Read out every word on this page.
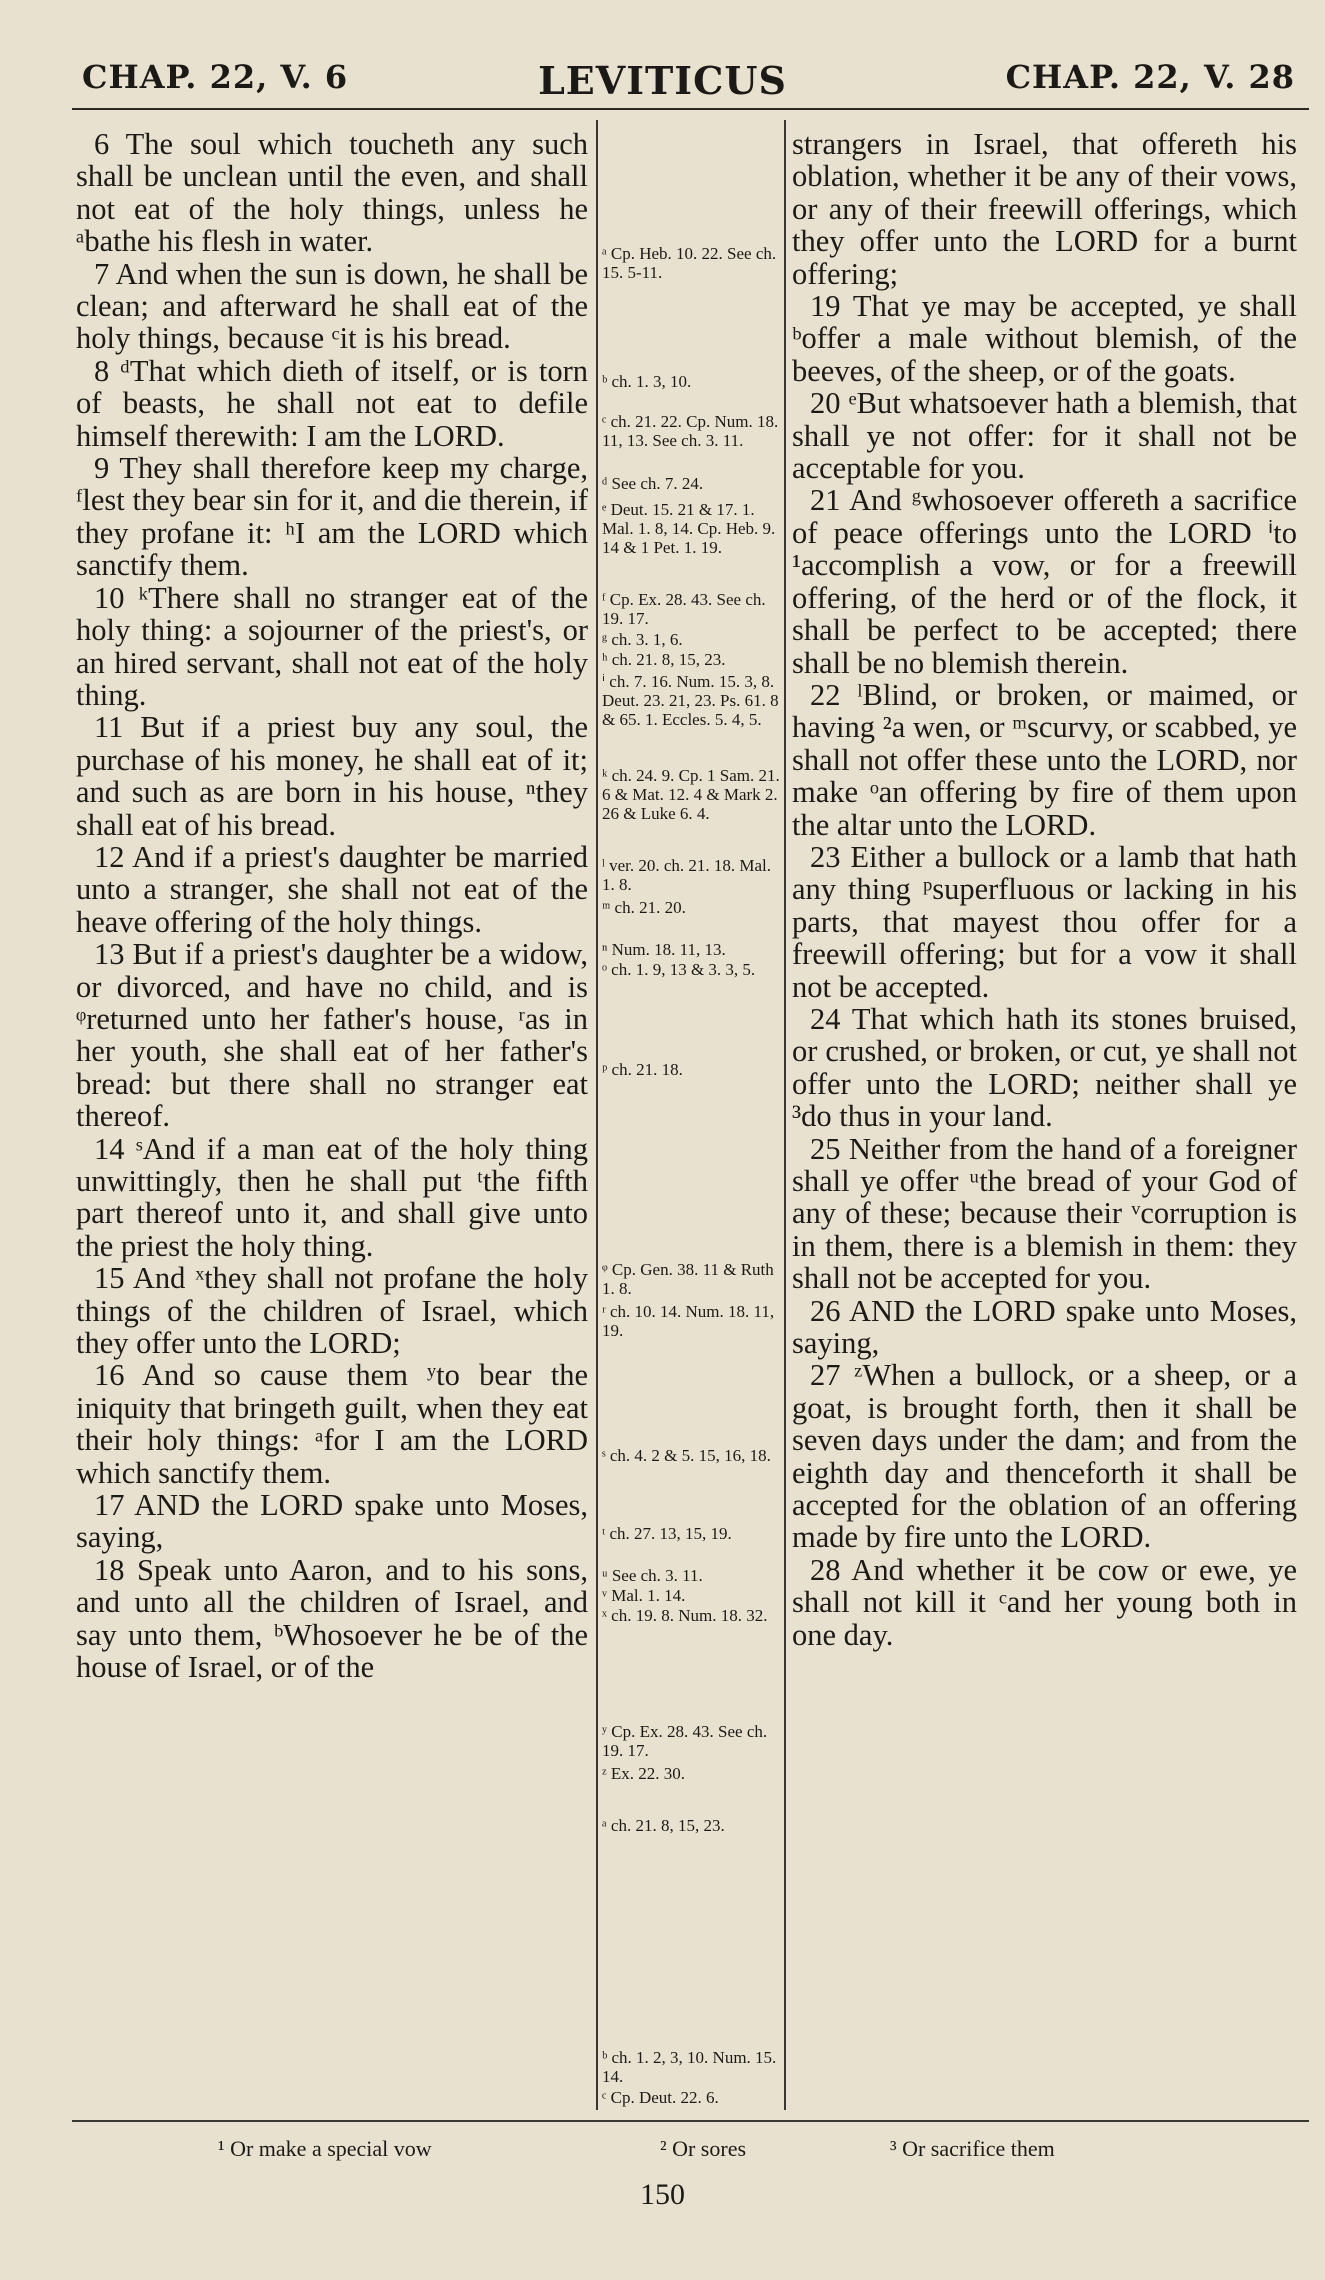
CHAP. 22, V. 6	LEVITICUS	CHAP. 22, V. 28

6 The soul which toucheth any such shall be unclean until the even, and shall not eat of the holy things, unless he ᵃbathe his flesh in water.

7 And when the sun is down, he shall be clean; and afterward he shall eat of the holy things, because ᶜit is his bread.

8 ᵈThat which dieth of itself, or is torn of beasts, he shall not eat to defile himself therewith: I am the LORD.

9 They shall therefore keep my charge, ᶠlest they bear sin for it, and die therein, if they profane it: ʰI am the LORD which sanctify them.

10 ᵏThere shall no stranger eat of the holy thing: a sojourner of the priest's, or an hired servant, shall not eat of the holy thing.

11 But if a priest buy any soul, the purchase of his money, he shall eat of it; and such as are born in his house, ⁿthey shall eat of his bread.

12 And if a priest's daughter be married unto a stranger, she shall not eat of the heave offering of the holy things.

13 But if a priest's daughter be a widow, or divorced, and have no child, and is ᵠreturned unto her father's house, ʳas in her youth, she shall eat of her father's bread: but there shall no stranger eat thereof.

14 ˢAnd if a man eat of the holy thing unwittingly, then he shall put ᵗthe fifth part thereof unto it, and shall give unto the priest the holy thing.

15 And ˣthey shall not profane the holy things of the children of Israel, which they offer unto the LORD;

16 And so cause them ʸto bear the iniquity that bringeth guilt, when they eat their holy things: ᵃfor I am the LORD which sanctify them.

17 AND the LORD spake unto Moses, saying,

18 Speak unto Aaron, and to his sons, and unto all the children of Israel, and say unto them, ᵇWhosoever he be of the house of Israel, or of the

ᵃ Cp. Heb. 10. 22. See ch. 15. 5-11.
ᵇ ch. 1. 3, 10.
ᶜ ch. 21. 22. Cp. Num. 18. 11, 13. See ch. 3. 11.
ᵈ See ch. 7. 24.
ᵉ Deut. 15. 21 & 17. 1. Mal. 1. 8, 14. Cp. Heb. 9. 14 & 1 Pet. 1. 19.
ᶠ Cp. Ex. 28. 43. See ch. 19. 17.
ᵍ ch. 3. 1, 6.
ʰ ch. 21. 8, 15, 23.
ⁱ ch. 7. 16. Num. 15. 3, 8. Deut. 23. 21, 23. Ps. 61. 8 & 65. 1. Eccles. 5. 4, 5.
ᵏ ch. 24. 9. Cp. 1 Sam. 21. 6 & Mat. 12. 4 & Mark 2. 26 & Luke 6. 4.
ˡ ver. 20. ch. 21. 18. Mal. 1. 8.
ᵐ ch. 21. 20.
ⁿ Num. 18. 11, 13.
ᵒ ch. 1. 9, 13 & 3. 3, 5.
ᵖ ch. 21. 18.
ᵠ Cp. Gen. 38. 11 & Ruth 1. 8.
ʳ ch. 10. 14. Num. 18. 11, 19.
ˢ ch. 4. 2 & 5. 15, 16, 18.
ᵗ ch. 27. 13, 15, 19.
ᵘ See ch. 3. 11.
ᵛ Mal. 1. 14.
ˣ ch. 19. 8. Num. 18. 32.
ʸ Cp. Ex. 28. 43. See ch. 19. 17.
ᶻ Ex. 22. 30.
ᵃ ch. 21. 8, 15, 23.
ᵇ ch. 1. 2, 3, 10. Num. 15. 14.
ᶜ Cp. Deut. 22. 6.

strangers in Israel, that offereth his oblation, whether it be any of their vows, or any of their freewill offerings, which they offer unto the LORD for a burnt offering;

19 That ye may be accepted, ye shall ᵇoffer a male without blemish, of the beeves, of the sheep, or of the goats.

20 ᵉBut whatsoever hath a blemish, that shall ye not offer: for it shall not be acceptable for you.

21 And ᵍwhosoever offereth a sacrifice of peace offerings unto the LORD ⁱto ¹accomplish a vow, or for a freewill offering, of the herd or of the flock, it shall be perfect to be accepted; there shall be no blemish therein.

22 ˡBlind, or broken, or maimed, or having ²a wen, or ᵐscurvy, or scabbed, ye shall not offer these unto the LORD, nor make ᵒan offering by fire of them upon the altar unto the LORD.

23 Either a bullock or a lamb that hath any thing ᵖsuperfluous or lacking in his parts, that mayest thou offer for a freewill offering; but for a vow it shall not be accepted.

24 That which hath its stones bruised, or crushed, or broken, or cut, ye shall not offer unto the LORD; neither shall ye ³do thus in your land.

25 Neither from the hand of a foreigner shall ye offer ᵘthe bread of your God of any of these; because their ᵛcorruption is in them, there is a blemish in them: they shall not be accepted for you.

26 AND the LORD spake unto Moses, saying,

27 ᶻWhen a bullock, or a sheep, or a goat, is brought forth, then it shall be seven days under the dam; and from the eighth day and thenceforth it shall be accepted for the oblation of an offering made by fire unto the LORD.

28 And whether it be cow or ewe, ye shall not kill it ᶜand her young both in one day.

¹ Or make a special vow	² Or sores	³ Or sacrifice them
150
